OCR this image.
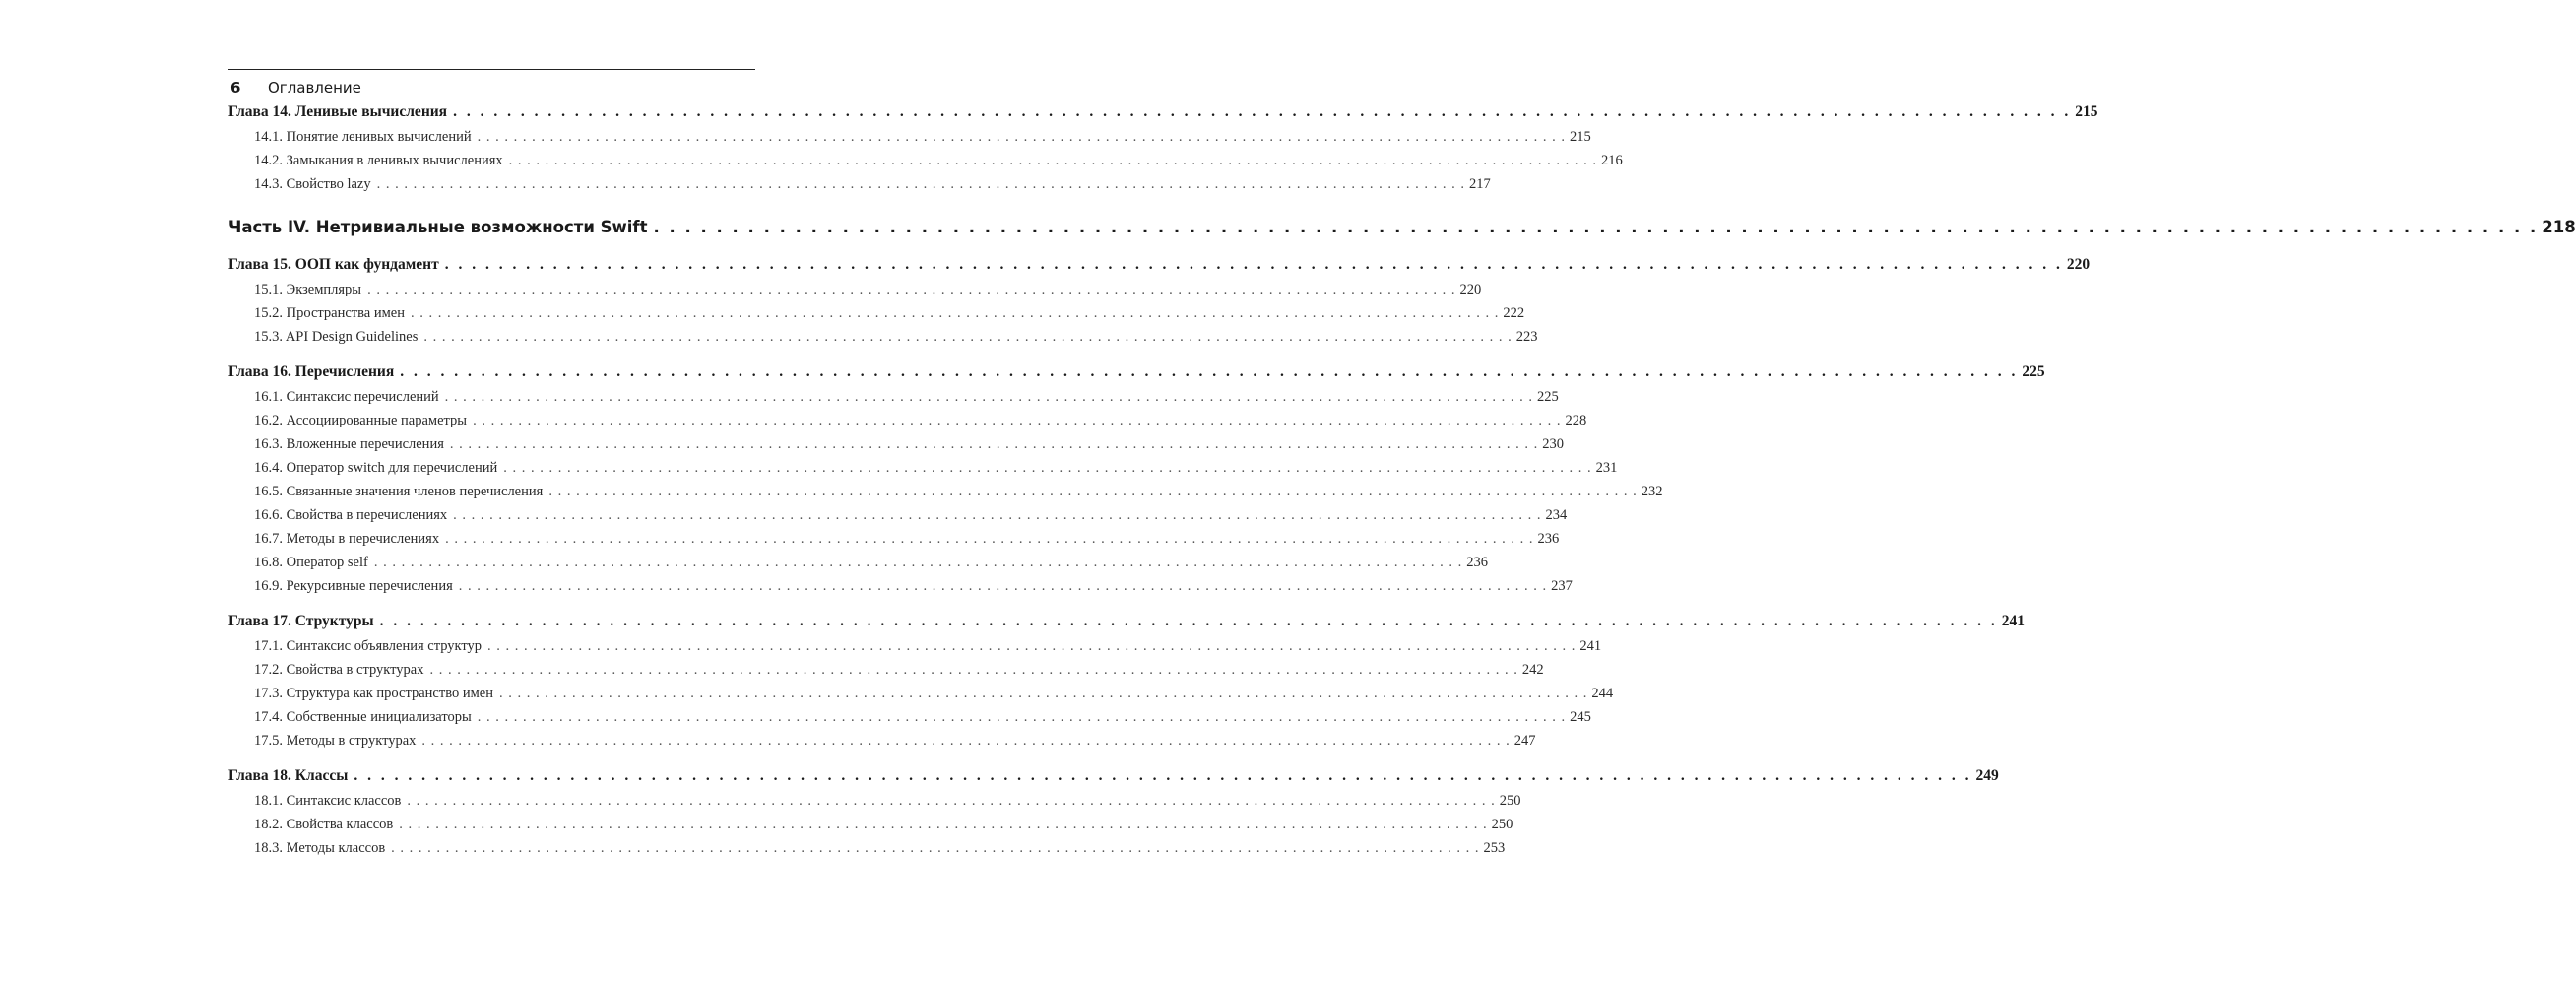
6 Оглавление
Глава 14. Ленивые вычисления . . . . . . . . . . . . . . . . . . . . . . . . . . . . . . . . . . . . . . . . . . . . . . . . . . . . . . . . . . . . . . . . . . . . . . . . . . . . . . . . . . . . . . . . . . . . . . . . . . . . . . . . . . . . . . . . . . . . . . . . 215
14.1. Понятие ленивых вычислений . . . . . . . . . . . . . . . . . . . . . . . . . . . . . . . . . . . . . . . . . . . . . . . . . . . . . . . . . . . . . . . . . . . . . . . . . . . . . . . . . . . . . . . . . . . . . . . . . . . . . . . . . . . . . . . . . . . . . . . . 215
14.2. Замыкания в ленивых вычислениях . . . . . . . . . . . . . . . . . . . . . . . . . . . . . . . . . . . . . . . . . . . . . . . . . . . . . . . . . . . . . . . . . . . . . . . . . . . . . . . . . . . . . . . . . . . . . . . . . . . . . . . . . . . . . . . . . . . . . . . . 216
14.3. Свойство lazy . . . . . . . . . . . . . . . . . . . . . . . . . . . . . . . . . . . . . . . . . . . . . . . . . . . . . . . . . . . . . . . . . . . . . . . . . . . . . . . . . . . . . . . . . . . . . . . . . . . . . . . . . . . . . . . . . . . . . . . . 217
Часть IV. Нетривиальные возможности Swift . . . . . . . . . . . . . . . . . . . . . . . . . . . . . . . . . . . . . . . . . . . . . . . . . . . . . . . . . . . . . . . . . . . . . . . . . . . . . . . . . . . . . . . . . . . . . . . . . . . . . . . . . . . . . . . . . . . . . . . . 218
Глава 15. ООП как фундамент . . . . . . . . . . . . . . . . . . . . . . . . . . . . . . . . . . . . . . . . . . . . . . . . . . . . . . . . . . . . . . . . . . . . . . . . . . . . . . . . . . . . . . . . . . . . . . . . . . . . . . . . . . . . . . . . . . . . . . . . 220
15.1. Экземпляры . . . . . . . . . . . . . . . . . . . . . . . . . . . . . . . . . . . . . . . . . . . . . . . . . . . . . . . . . . . . . . . . . . . . . . . . . . . . . . . . . . . . . . . . . . . . . . . . . . . . . . . . . . . . . . . . . . . . . . . . 220
15.2. Пространства имен . . . . . . . . . . . . . . . . . . . . . . . . . . . . . . . . . . . . . . . . . . . . . . . . . . . . . . . . . . . . . . . . . . . . . . . . . . . . . . . . . . . . . . . . . . . . . . . . . . . . . . . . . . . . . . . . . . . . . . . . 222
15.3. API Design Guidelines . . . . . . . . . . . . . . . . . . . . . . . . . . . . . . . . . . . . . . . . . . . . . . . . . . . . . . . . . . . . . . . . . . . . . . . . . . . . . . . . . . . . . . . . . . . . . . . . . . . . . . . . . . . . . . . . . . . . . . . . 223
Глава 16. Перечисления . . . . . . . . . . . . . . . . . . . . . . . . . . . . . . . . . . . . . . . . . . . . . . . . . . . . . . . . . . . . . . . . . . . . . . . . . . . . . . . . . . . . . . . . . . . . . . . . . . . . . . . . . . . . . . . . . . . . . . . . 225
16.1. Синтаксис перечислений . . . . . . . . . . . . . . . . . . . . . . . . . . . . . . . . . . . . . . . . . . . . . . . . . . . . . . . . . . . . . . . . . . . . . . . . . . . . . . . . . . . . . . . . . . . . . . . . . . . . . . . . . . . . . . . . . . . . . . . . 225
16.2. Ассоциированные параметры . . . . . . . . . . . . . . . . . . . . . . . . . . . . . . . . . . . . . . . . . . . . . . . . . . . . . . . . . . . . . . . . . . . . . . . . . . . . . . . . . . . . . . . . . . . . . . . . . . . . . . . . . . . . . . . . . . . . . . . . 228
16.3. Вложенные перечисления . . . . . . . . . . . . . . . . . . . . . . . . . . . . . . . . . . . . . . . . . . . . . . . . . . . . . . . . . . . . . . . . . . . . . . . . . . . . . . . . . . . . . . . . . . . . . . . . . . . . . . . . . . . . . . . . . . . . . . . . 230
16.4. Оператор switch для перечислений . . . . . . . . . . . . . . . . . . . . . . . . . . . . . . . . . . . . . . . . . . . . . . . . . . . . . . . . . . . . . . . . . . . . . . . . . . . . . . . . . . . . . . . . . . . . . . . . . . . . . . . . . . . . . . . . . . . . . . . . 231
16.5. Связанные значения членов перечисления . . . . . . . . . . . . . . . . . . . . . . . . . . . . . . . . . . . . . . . . . . . . . . . . . . . . . . . . . . . . . . . . . . . . . . . . . . . . . . . . . . . . . . . . . . . . . . . . . . . . . . . . . . . . . . . . . . . . . . . . 232
16.6. Свойства в перечислениях . . . . . . . . . . . . . . . . . . . . . . . . . . . . . . . . . . . . . . . . . . . . . . . . . . . . . . . . . . . . . . . . . . . . . . . . . . . . . . . . . . . . . . . . . . . . . . . . . . . . . . . . . . . . . . . . . . . . . . . . 234
16.7. Методы в перечислениях . . . . . . . . . . . . . . . . . . . . . . . . . . . . . . . . . . . . . . . . . . . . . . . . . . . . . . . . . . . . . . . . . . . . . . . . . . . . . . . . . . . . . . . . . . . . . . . . . . . . . . . . . . . . . . . . . . . . . . . . 236
16.8. Оператор self . . . . . . . . . . . . . . . . . . . . . . . . . . . . . . . . . . . . . . . . . . . . . . . . . . . . . . . . . . . . . . . . . . . . . . . . . . . . . . . . . . . . . . . . . . . . . . . . . . . . . . . . . . . . . . . . . . . . . . . . 236
16.9. Рекурсивные перечисления . . . . . . . . . . . . . . . . . . . . . . . . . . . . . . . . . . . . . . . . . . . . . . . . . . . . . . . . . . . . . . . . . . . . . . . . . . . . . . . . . . . . . . . . . . . . . . . . . . . . . . . . . . . . . . . . . . . . . . . . 237
Глава 17. Структуры . . . . . . . . . . . . . . . . . . . . . . . . . . . . . . . . . . . . . . . . . . . . . . . . . . . . . . . . . . . . . . . . . . . . . . . . . . . . . . . . . . . . . . . . . . . . . . . . . . . . . . . . . . . . . . . . . . . . . . . . 241
17.1. Синтаксис объявления структур . . . . . . . . . . . . . . . . . . . . . . . . . . . . . . . . . . . . . . . . . . . . . . . . . . . . . . . . . . . . . . . . . . . . . . . . . . . . . . . . . . . . . . . . . . . . . . . . . . . . . . . . . . . . . . . . . . . . . . . . 241
17.2. Свойства в структурах . . . . . . . . . . . . . . . . . . . . . . . . . . . . . . . . . . . . . . . . . . . . . . . . . . . . . . . . . . . . . . . . . . . . . . . . . . . . . . . . . . . . . . . . . . . . . . . . . . . . . . . . . . . . . . . . . . . . . . . . 242
17.3. Структура как пространство имен . . . . . . . . . . . . . . . . . . . . . . . . . . . . . . . . . . . . . . . . . . . . . . . . . . . . . . . . . . . . . . . . . . . . . . . . . . . . . . . . . . . . . . . . . . . . . . . . . . . . . . . . . . . . . . . . . . . . . . . . 244
17.4. Собственные инициализаторы . . . . . . . . . . . . . . . . . . . . . . . . . . . . . . . . . . . . . . . . . . . . . . . . . . . . . . . . . . . . . . . . . . . . . . . . . . . . . . . . . . . . . . . . . . . . . . . . . . . . . . . . . . . . . . . . . . . . . . . . 245
17.5. Методы в структурах . . . . . . . . . . . . . . . . . . . . . . . . . . . . . . . . . . . . . . . . . . . . . . . . . . . . . . . . . . . . . . . . . . . . . . . . . . . . . . . . . . . . . . . . . . . . . . . . . . . . . . . . . . . . . . . . . . . . . . . . 247
Глава 18. Классы . . . . . . . . . . . . . . . . . . . . . . . . . . . . . . . . . . . . . . . . . . . . . . . . . . . . . . . . . . . . . . . . . . . . . . . . . . . . . . . . . . . . . . . . . . . . . . . . . . . . . . . . . . . . . . . . . . . . . . . . 249
18.1. Синтаксис классов . . . . . . . . . . . . . . . . . . . . . . . . . . . . . . . . . . . . . . . . . . . . . . . . . . . . . . . . . . . . . . . . . . . . . . . . . . . . . . . . . . . . . . . . . . . . . . . . . . . . . . . . . . . . . . . . . . . . . . . . 250
18.2. Свойства классов . . . . . . . . . . . . . . . . . . . . . . . . . . . . . . . . . . . . . . . . . . . . . . . . . . . . . . . . . . . . . . . . . . . . . . . . . . . . . . . . . . . . . . . . . . . . . . . . . . . . . . . . . . . . . . . . . . . . . . . . 250
18.3. Методы классов . . . . . . . . . . . . . . . . . . . . . . . . . . . . . . . . . . . . . . . . . . . . . . . . . . . . . . . . . . . . . . . . . . . . . . . . . . . . . . . . . . . . . . . . . . . . . . . . . . . . . . . . . . . . . . . . . . . . . . . . 253
